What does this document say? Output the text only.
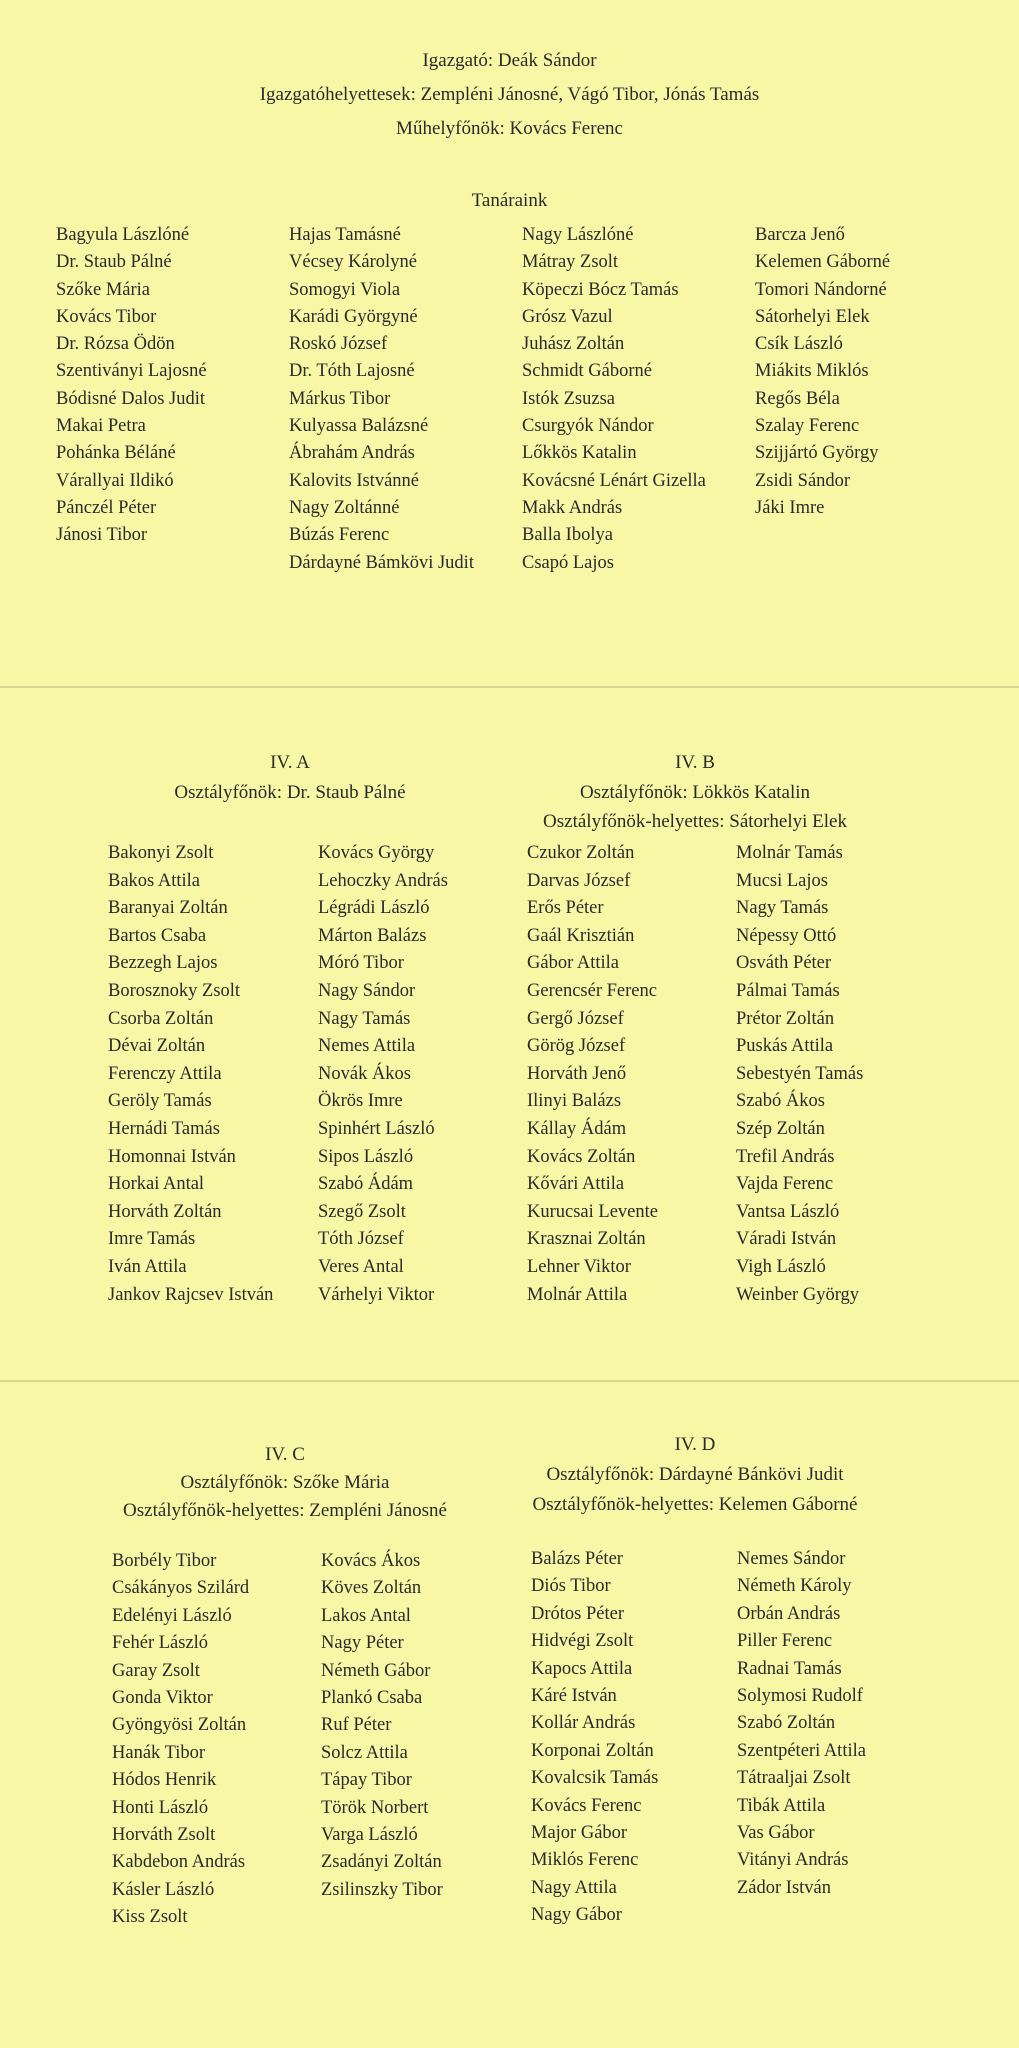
Igazgató: Deák Sándor
Igazgatóhelyettesek: Zempléni Jánosné, Vágó Tibor, Jónás Tamás
Műhelyfőnök: Kovács Ferenc
Tanáraink
Bagyula Lászlóné
Dr. Staub Pálné
Szőke Mária
Kovács Tibor
Dr. Rózsa Ödön
Szentiványi Lajosné
Bódisné Dalos Judit
Makai Petra
Pohánka Béláné
Várallyai Ildikó
Pánczél Péter
Jánosi Tibor
Hajas Tamásné
Vécsey Károlyné
Somogyi Viola
Karádi Györgyné
Roskó József
Dr. Tóth Lajosné
Márkus Tibor
Kulyassa Balázsné
Ábrahám András
Kalovits Istvánné
Nagy Zoltánné
Búzás Ferenc
Dárdayné Bámkövi Judit
Nagy Lászlóné
Mátray Zsolt
Köpeczi Bócz Tamás
Grósz Vazul
Juhász Zoltán
Schmidt Gáborné
Istók Zsuzsa
Csurgyók Nándor
Lőkkös Katalin
Kovácsné Lénárt Gizella
Makk András
Balla Ibolya
Csapó Lajos
Barcza Jenő
Kelemen Gáborné
Tomori Nándorné
Sátorhelyi Elek
Csík László
Miákits Miklós
Regős Béla
Szalay Ferenc
Szijjártó György
Zsidi Sándor
Jáki Imre
IV. A
Osztályfőnök: Dr. Staub Pálné
Bakonyi Zsolt
Bakos Attila
Baranyai Zoltán
Bartos Csaba
Bezzegh Lajos
Borosznoky Zsolt
Csorba Zoltán
Dévai Zoltán
Ferenczy Attila
Geröly Tamás
Hernádi Tamás
Homonnai István
Horkai Antal
Horváth Zoltán
Imre Tamás
Iván Attila
Jankov Rajcsev István
Kovács György
Lehoczky András
Légrádi László
Márton Balázs
Móró Tibor
Nagy Sándor
Nagy Tamás
Nemes Attila
Novák Ákos
Ökrös Imre
Spinhért László
Sipos László
Szabó Ádám
Szegő Zsolt
Tóth József
Veres Antal
Várhelyi Viktor
IV. B
Osztályfőnök: Lökkös Katalin
Osztályfőnök-helyettes: Sátorhelyi Elek
Czukor Zoltán
Darvas József
Erős Péter
Gaál Krisztián
Gábor Attila
Gerencsér Ferenc
Gergő József
Görög József
Horváth Jenő
Ilinyi Balázs
Kállay Ádám
Kovács Zoltán
Kővári Attila
Kurucsai Levente
Krasznai Zoltán
Lehner Viktor
Molnár Attila
Molnár Tamás
Mucsi Lajos
Nagy Tamás
Népessy Ottó
Osváth Péter
Pálmai Tamás
Prétor Zoltán
Puskás Attila
Sebestyén Tamás
Szabó Ákos
Szép Zoltán
Trefil András
Vajda Ferenc
Vantsa László
Váradi István
Vigh László
Weinber György
IV. C
Osztályfőnök: Szőke Mária
Osztályfőnök-helyettes: Zempléni Jánosné
Borbély Tibor
Csákányos Szilárd
Edelényi László
Fehér László
Garay Zsolt
Gonda Viktor
Gyöngyösi Zoltán
Hanák Tibor
Hódos Henrik
Honti László
Horváth Zsolt
Kabdebon András
Kásler László
Kiss Zsolt
Kovács Ákos
Köves Zoltán
Lakos Antal
Nagy Péter
Németh Gábor
Plankó Csaba
Ruf Péter
Solcz Attila
Tápay Tibor
Török Norbert
Varga László
Zsadányi Zoltán
Zsilinszky Tibor
IV. D
Osztályfőnök: Dárdayné Bánkövi Judit
Osztályfőnök-helyettes: Kelemen Gáborné
Balázs Péter
Diós Tibor
Drótos Péter
Hidvégi Zsolt
Kapocs Attila
Káré István
Kollár András
Korponai Zoltán
Kovalcsik Tamás
Kovács Ferenc
Major Gábor
Miklós Ferenc
Nagy Attila
Nagy Gábor
Nemes Sándor
Németh Károly
Orbán András
Piller Ferenc
Radnai Tamás
Solymosi Rudolf
Szabó Zoltán
Szentpéteri Attila
Tátraaljai Zsolt
Tibák Attila
Vas Gábor
Vitányi András
Zádor István
